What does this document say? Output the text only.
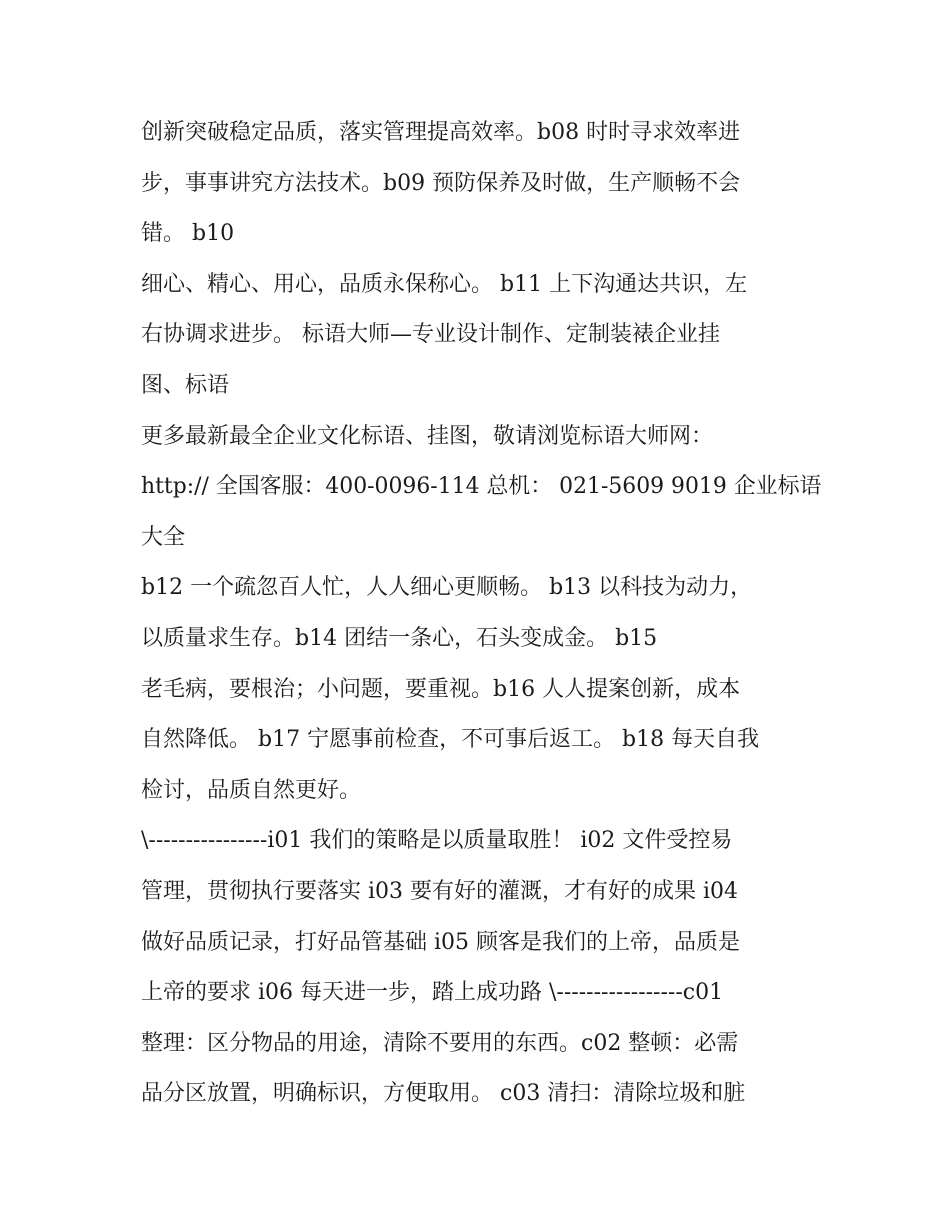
创新突破稳定品质，落实管理提高效率。b08 时时寻求效率进
步，事事讲究方法技术。b09 预防保养及时做，生产顺畅不会
错。 b10
细心、精心、用心，品质永保称心。 b11 上下沟通达共识，左
右协调求进步。 标语大师—专业设计制作、定制装裱企业挂
图、标语
更多最新最全企业文化标语、挂图，敬请浏览标语大师网：
http:// 全国客服：400-0096-114 总机： 021-5609 9019 企业标语
大全
b12 一个疏忽百人忙，人人细心更顺畅。 b13 以科技为动力，
以质量求生存。b14 团结一条心，石头变成金。 b15
老毛病，要根治；小问题，要重视。b16 人人提案创新，成本
自然降低。 b17 宁愿事前检查，不可事后返工。 b18 每天自我
检讨，品质自然更好。
\----------------i01 我们的策略是以质量取胜！ i02 文件受控易
管理，贯彻执行要落实 i03 要有好的灌溉，才有好的成果 i04
做好品质记录，打好品管基础 i05 顾客是我们的上帝，品质是
上帝的要求 i06 每天进一步，踏上成功路 \-----------------c01
整理：区分物品的用途，清除不要用的东西。c02 整顿：必需
品分区放置，明确标识，方便取用。 c03 清扫：清除垃圾和脏
